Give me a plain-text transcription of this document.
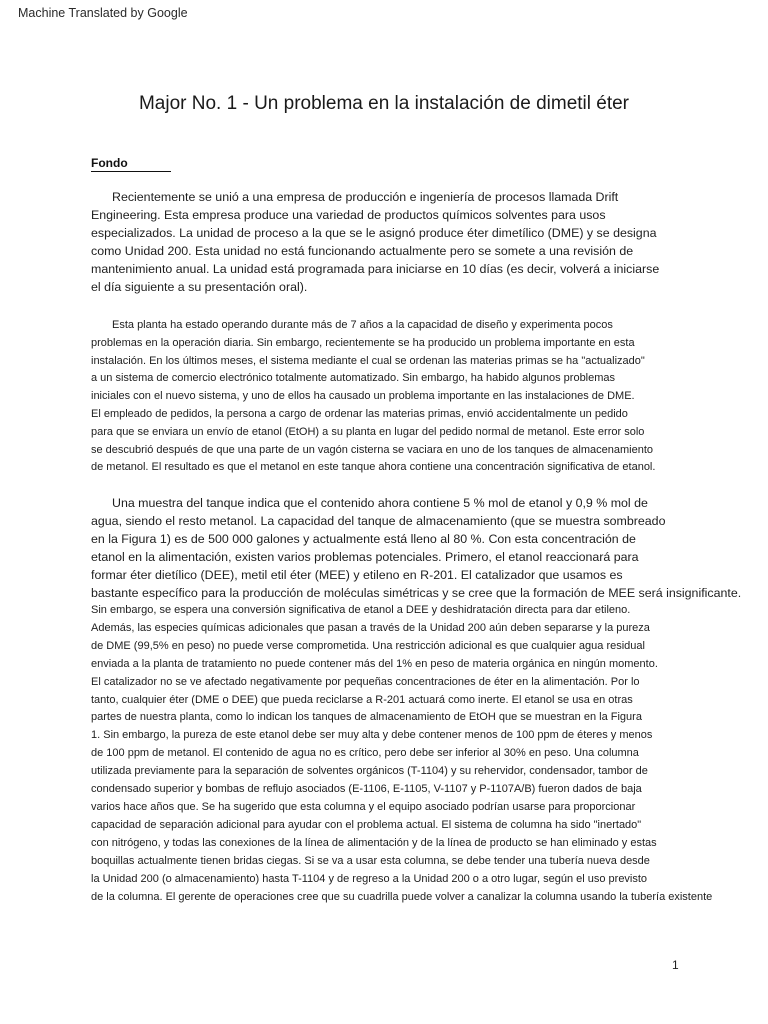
Machine Translated by Google
Major No. 1 - Un problema en la instalación de dimetil éter
Fondo
Recientemente se unió a una empresa de producción e ingeniería de procesos llamada Drift
Engineering. Esta empresa produce una variedad de productos químicos solventes para usos
especializados. La unidad de proceso a la que se le asignó produce éter dimetílico (DME) y se designa
como Unidad 200. Esta unidad no está funcionando actualmente pero se somete a una revisión de
mantenimiento anual. La unidad está programada para iniciarse en 10 días (es decir, volverá a iniciarse
el día siguiente a su presentación oral).
Esta planta ha estado operando durante más de 7 años a la capacidad de diseño y experimenta pocos
problemas en la operación diaria. Sin embargo, recientemente se ha producido un problema importante en esta
instalación. En los últimos meses, el sistema mediante el cual se ordenan las materias primas se ha "actualizado"
a un sistema de comercio electrónico totalmente automatizado. Sin embargo, ha habido algunos problemas
iniciales con el nuevo sistema, y uno de ellos ha causado un problema importante en las instalaciones de DME.
El empleado de pedidos, la persona a cargo de ordenar las materias primas, envió accidentalmente un pedido
para que se enviara un envío de etanol (EtOH) a su planta en lugar del pedido normal de metanol. Este error solo
se descubrió después de que una parte de un vagón cisterna se vaciara en uno de los tanques de almacenamiento
de metanol. El resultado es que el metanol en este tanque ahora contiene una concentración significativa de etanol.
Una muestra del tanque indica que el contenido ahora contiene 5 % mol de etanol y 0,9 % mol de
agua, siendo el resto metanol. La capacidad del tanque de almacenamiento (que se muestra sombreado
en la Figura 1) es de 500 000 galones y actualmente está lleno al 80 %. Con esta concentración de
etanol en la alimentación, existen varios problemas potenciales. Primero, el etanol reaccionará para
formar éter dietílico (DEE), metil etil éter (MEE) y etileno en R-201. El catalizador que usamos es
bastante específico para la producción de moléculas simétricas y se cree que la formación de MEE será insignificante.
Sin embargo, se espera una conversión significativa de etanol a DEE y deshidratación directa para dar etileno.
Además, las especies químicas adicionales que pasan a través de la Unidad 200 aún deben separarse y la pureza
de DME (99,5% en peso) no puede verse comprometida. Una restricción adicional es que cualquier agua residual
enviada a la planta de tratamiento no puede contener más del 1% en peso de materia orgánica en ningún momento.
El catalizador no se ve afectado negativamente por pequeñas concentraciones de éter en la alimentación. Por lo
tanto, cualquier éter (DME o DEE) que pueda reciclarse a R-201 actuará como inerte. El etanol se usa en otras
partes de nuestra planta, como lo indican los tanques de almacenamiento de EtOH que se muestran en la Figura
1. Sin embargo, la pureza de este etanol debe ser muy alta y debe contener menos de 100 ppm de éteres y menos
de 100 ppm de metanol. El contenido de agua no es crítico, pero debe ser inferior al 30% en peso. Una columna
utilizada previamente para la separación de solventes orgánicos (T-1104) y su rehervidor, condensador, tambor de
condensado superior y bombas de reflujo asociados (E-1106, E-1105, V-1107 y P-1107A/B) fueron dados de baja
varios hace años que. Se ha sugerido que esta columna y el equipo asociado podrían usarse para proporcionar
capacidad de separación adicional para ayudar con el problema actual. El sistema de columna ha sido "inertado"
con nitrógeno, y todas las conexiones de la línea de alimentación y de la línea de producto se han eliminado y estas
boquillas actualmente tienen bridas ciegas. Si se va a usar esta columna, se debe tender una tubería nueva desde
la Unidad 200 (o almacenamiento) hasta T-1104 y de regreso a la Unidad 200 o a otro lugar, según el uso previsto
de la columna. El gerente de operaciones cree que su cuadrilla puede volver a canalizar la columna usando la tubería existente
1
